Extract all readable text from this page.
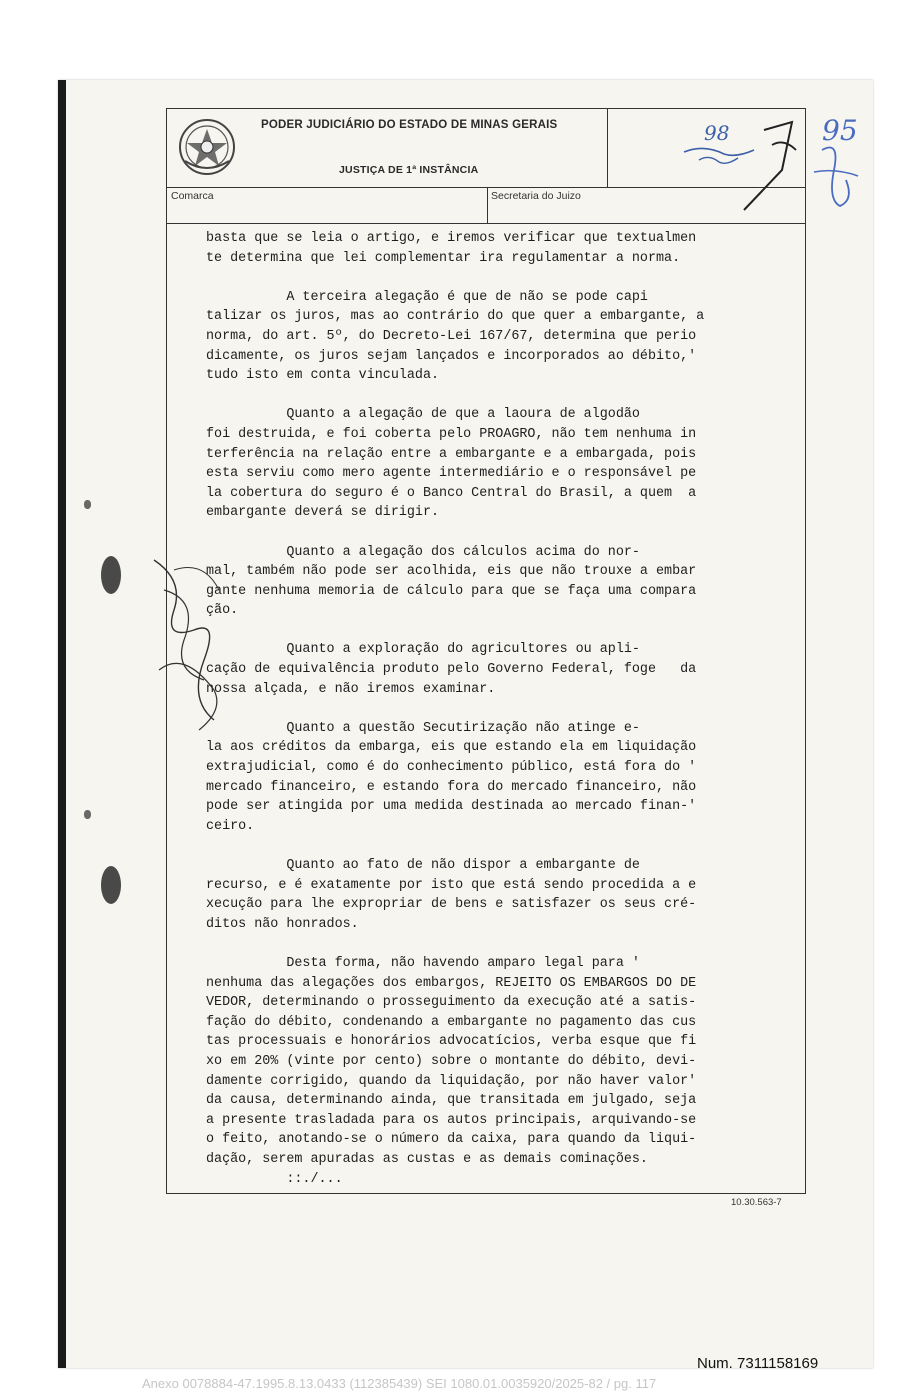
PODER JUDICIÁRIO DO ESTADO DE MINAS GERAIS
JUSTIÇA DE 1ª INSTÂNCIA
Comarca	Secretaria do Juizo
basta que se leia o artigo, e iremos verificar que textualmen
te determina que lei complementar ira regulamentar a norma.
A terceira alegação é que de não se pode capi
talizar os juros, mas ao contrário do que quer a embargante, a
norma, do art. 5º, do Decreto-Lei 167/67, determina que perio
dicamente, os juros sejam lançados e incorporados ao débito,'
tudo isto em conta vinculada.
Quanto a alegação de que a laoura de algodão
foi destruida, e foi coberta pelo PROAGRO, não tem nenhuma in
terferência na relação entre a embargante e a embargada, pois
esta serviu como mero agente intermediário e o responsável pe
la cobertura do seguro é o Banco Central do Brasil, a quem  a
embargante deverá se dirigir.
Quanto a alegação dos cálculos acima do nor-
mal, também não pode ser acolhida, eis que não trouxe a embar
gante nenhuma memoria de cálculo para que se faça uma compara
ção.
Quanto a exploração do agricultores ou apli-
cação de equivalência produto pelo Governo Federal, foge   da
nossa alçada, e não iremos examinar.
Quanto a questão Secutirização não atinge e-
la aos créditos da embarga, eis que estando ela em liquidação
extrajudicial, como é do conhecimento público, está fora do '
mercado financeiro, e estando fora do mercado financeiro, não
pode ser atingida por uma medida destinada ao mercado finan-'
ceiro.
Quanto ao fato de não dispor a embargante de
recurso, e é exatamente por isto que está sendo procedida a e
xecução para lhe expropriar de bens e satisfazer os seus cré-
ditos não honrados.
Desta forma, não havendo amparo legal para '
nenhuma das alegações dos embargos, REJEITO OS EMBARGOS DO DE
VEDOR, determinando o prosseguimento da execução até a satis-
fação do débito, condenando a embargante no pagamento das cus
tas processuais e honorários advocatícios, verba esque que fi
xo em 20% (vinte por cento) sobre o montante do débito, devi-
damente corrigido, quando da liquidação, por não haver valor'
da causa, determinando ainda, que transitada em julgado, seja
a presente trasladada para os autos principais, arquivando-se
o feito, anotando-se o número da caixa, para quando da liqui-
dação, serem apuradas as custas e as demais cominações.
::./...
10.30.563-7
98	95
Num. 7311158169
Anexo 0078884-47.1995.8.13.0433 (112385439) SEI 1080.01.0035920/2025-82 / pg. 117
